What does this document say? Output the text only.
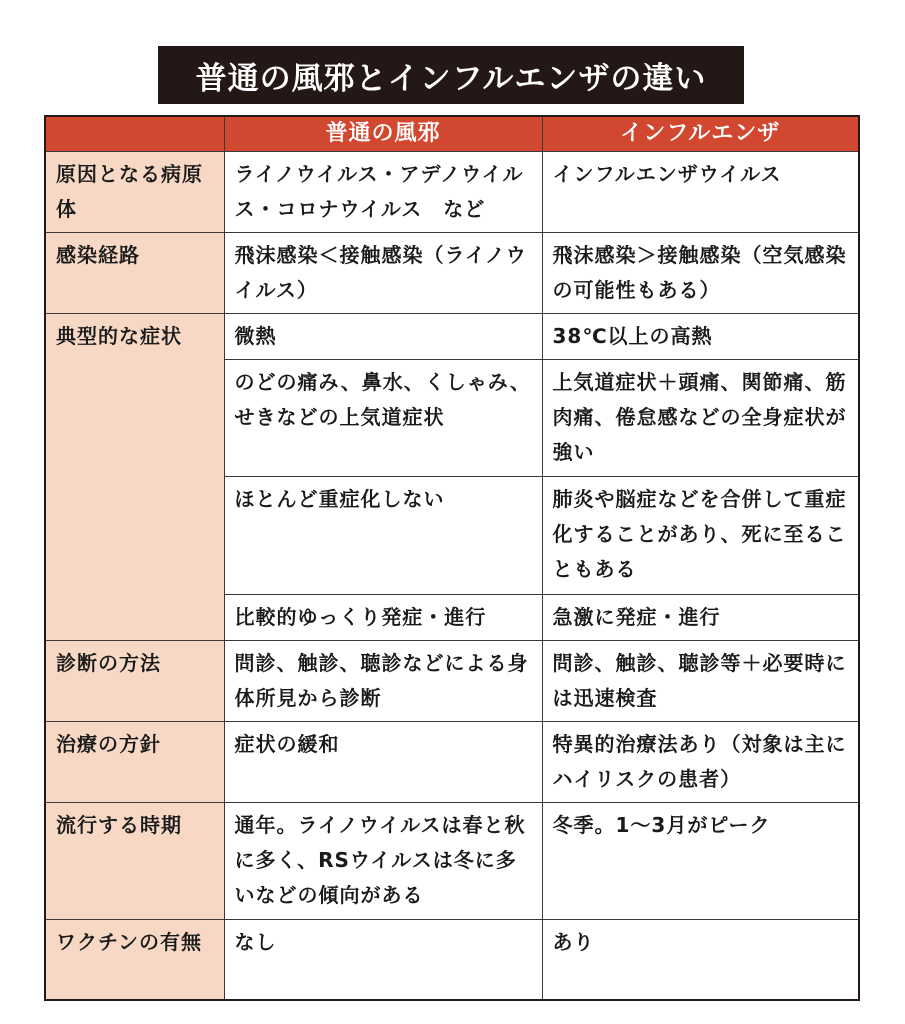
普通の風邪とインフルエンザの違い
	普通の風邪	インフルエンザ
原因となる病原体	ライノウイルス・アデノウイルス・コロナウイルス　など	インフルエンザウイルス
感染経路	飛沫感染＜接触感染（ライノウイルス）	飛沫感染＞接触感染（空気感染の可能性もある）
典型的な症状	微熱	38℃以上の高熱
	のどの痛み、鼻水、くしゃみ、せきなどの上気道症状	上気道症状＋頭痛、関節痛、筋肉痛、倦怠感などの全身症状が強い
	ほとんど重症化しない	肺炎や脳症などを合併して重症化することがあり、死に至ることもある
	比較的ゆっくり発症・進行	急激に発症・進行
診断の方法	問診、触診、聴診などによる身体所見から診断	問診、触診、聴診等＋必要時には迅速検査
治療の方針	症状の緩和	特異的治療法あり（対象は主にハイリスクの患者）
流行する時期	通年。ライノウイルスは春と秋に多く、RSウイルスは冬に多いなどの傾向がある	冬季。1～3月がピーク
ワクチンの有無	なし	あり
